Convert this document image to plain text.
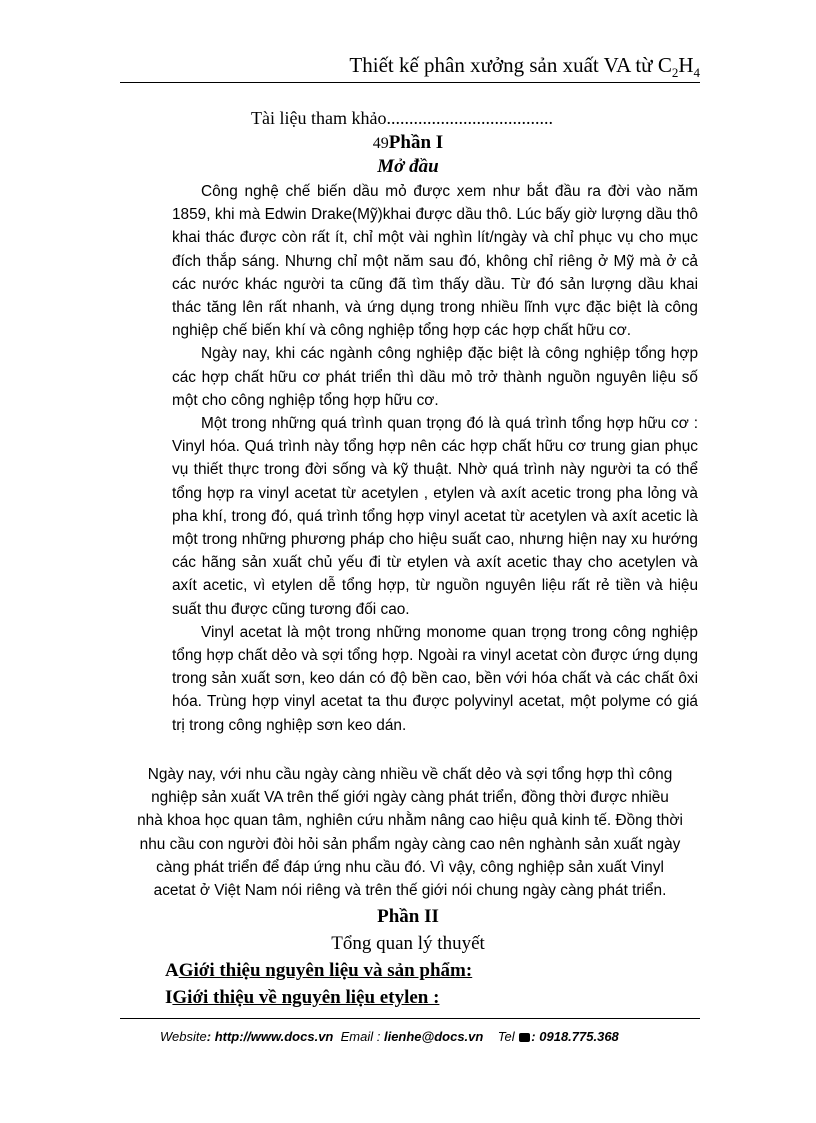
Thiết kế phân xưởng sản xuất VA từ $C_2H_4$
Tài liệu tham khảo.....................................
49Phần I
Mở đầu

Công nghệ chế biến dầu mỏ được xem như bắt đầu ra đời vào năm 1859, khi mà Edwin Drake(Mỹ)khai được dầu thô. Lúc bấy giờ lượng dầu thô khai thác được còn rất ít, chỉ một vài nghìn lít/ngày và chỉ phục vụ cho mục đích thắp sáng. Nhưng chỉ một năm sau đó, không chỉ riêng ở Mỹ mà ở cả các nước khác người ta cũng đã tìm thấy dầu. Từ đó sản lượng dầu khai thác tăng lên rất nhanh, và ứng dụng trong nhiều lĩnh vực đặc biệt là công nghiệp chế biến khí và công nghiệp tổng hợp các hợp chất hữu cơ.

Ngày nay, khi các ngành công nghiệp đặc biệt là công nghiệp tổng hợp các hợp chất hữu cơ phát triển thì dầu mỏ trở thành nguồn nguyên liệu số một cho công nghiệp tổng hợp hữu cơ.

Một trong những quá trình quan trọng đó là quá trình tổng hợp hữu cơ : Vinyl hóa. Quá trình này tổng hợp nên các hợp chất hữu cơ trung gian phục vụ thiết thực trong đời sống và kỹ thuật. Nhờ quá trình này người ta có thể tổng hợp ra vinyl acetat từ acetylen , etylen và axít acetic trong pha lỏng và pha khí, trong đó, quá trình tổng hợp vinyl acetat từ acetylen và axít acetic là một trong những phương pháp cho hiệu suất cao, nhưng hiện nay xu hướng các hãng sản xuất chủ yếu đi từ etylen và axít acetic thay cho acetylen và axít acetic, vì etylen dễ tổng hợp, từ nguồn nguyên liệu rất rẻ tiền và hiệu suất thu được cũng tương đối cao.

Vinyl acetat là một trong những monome quan trọng trong công nghiệp tổng hợp chất dẻo và sợi tổng hợp. Ngoài ra vinyl acetat còn được ứng dụng trong sản xuất sơn, keo dán có độ bền cao, bền với hóa chất và các chất ôxi hóa. Trùng hợp vinyl acetat ta thu được polyvinyl acetat, một polyme có giá trị trong công nghiệp sơn keo dán.

Ngày nay, với nhu cầu ngày càng nhiều về chất dẻo và sợi tổng hợp thì công
nghiệp sản xuất VA trên thế giới ngày càng phát triển, đồng thời được nhiều
nhà khoa học quan tâm, nghiên cứu nhằm nâng cao hiệu quả kinh tế. Đồng thời
nhu cầu con người đòi hỏi sản phẩm ngày càng cao nên nghành sản xuất ngày
càng phát triển để đáp ứng nhu cầu đó. Vì vậy, công nghiệp sản xuất Vinyl
acetat ở Việt Nam nói riêng và trên thế giới nói chung ngày càng phát triển.
Phần II
Tổng quan lý thuyết
AGiới thiệu nguyên liệu và sản phẩm:
IGiới thiệu về nguyên liệu etylen :
Website: http://www.docs.vn Email : lienhe@docs.vn Tel : 0918.775.368
